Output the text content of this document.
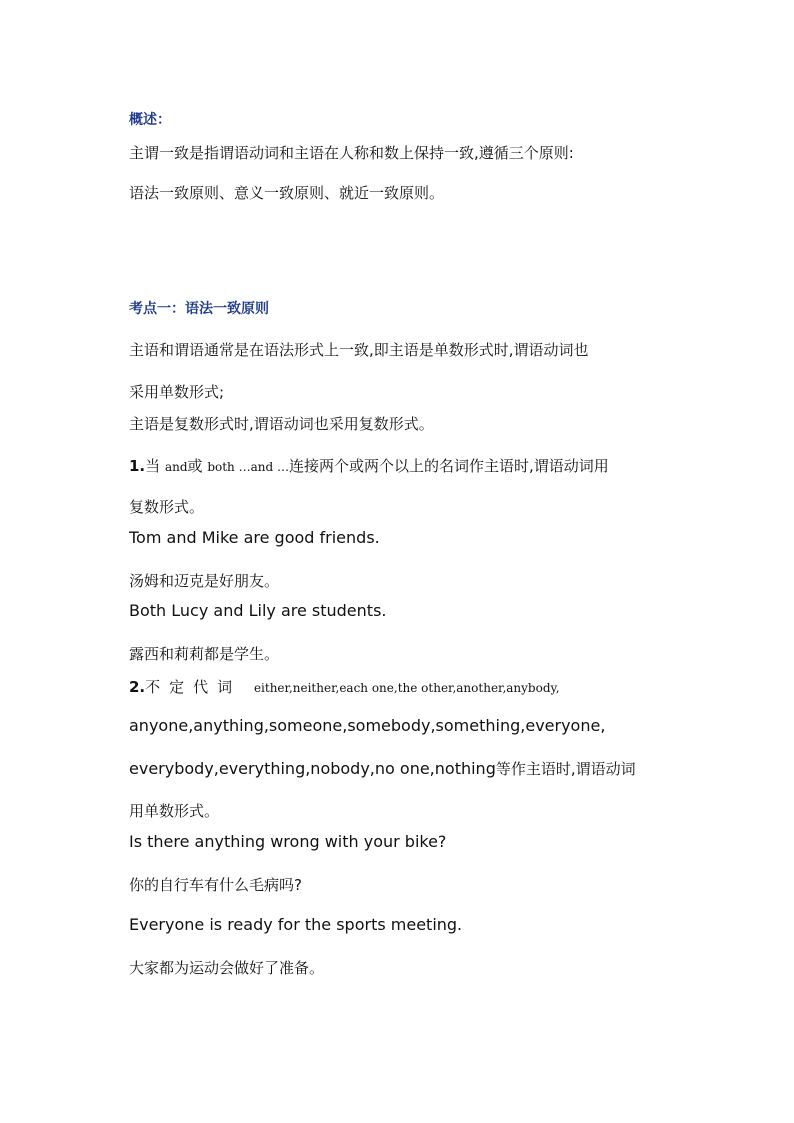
概述：
主谓一致是指谓语动词和主语在人称和数上保持一致,遵循三个原则:
语法一致原则、意义一致原则、就近一致原则。
考点一：语法一致原则
主语和谓语通常是在语法形式上一致,即主语是单数形式时,谓语动词也
采用单数形式;
主语是复数形式时,谓语动词也采用复数形式。
1.当 and或 both …and …连接两个或两个以上的名词作主语时,谓语动词用
复数形式。
Tom and Mike are good friends.
汤姆和迈克是好朋友。
Both Lucy and Lily are students.
露西和莉莉都是学生。
2.不定代词 either,neither,each one,the other,another,anybody,
anyone,anything,someone,somebody,something,everyone,
everybody,everything,nobody,no one,nothing等作主语时,谓语动词
用单数形式。
Is there anything wrong with your bike?
你的自行车有什么毛病吗?
Everyone is ready for the sports meeting.
大家都为运动会做好了准备。
